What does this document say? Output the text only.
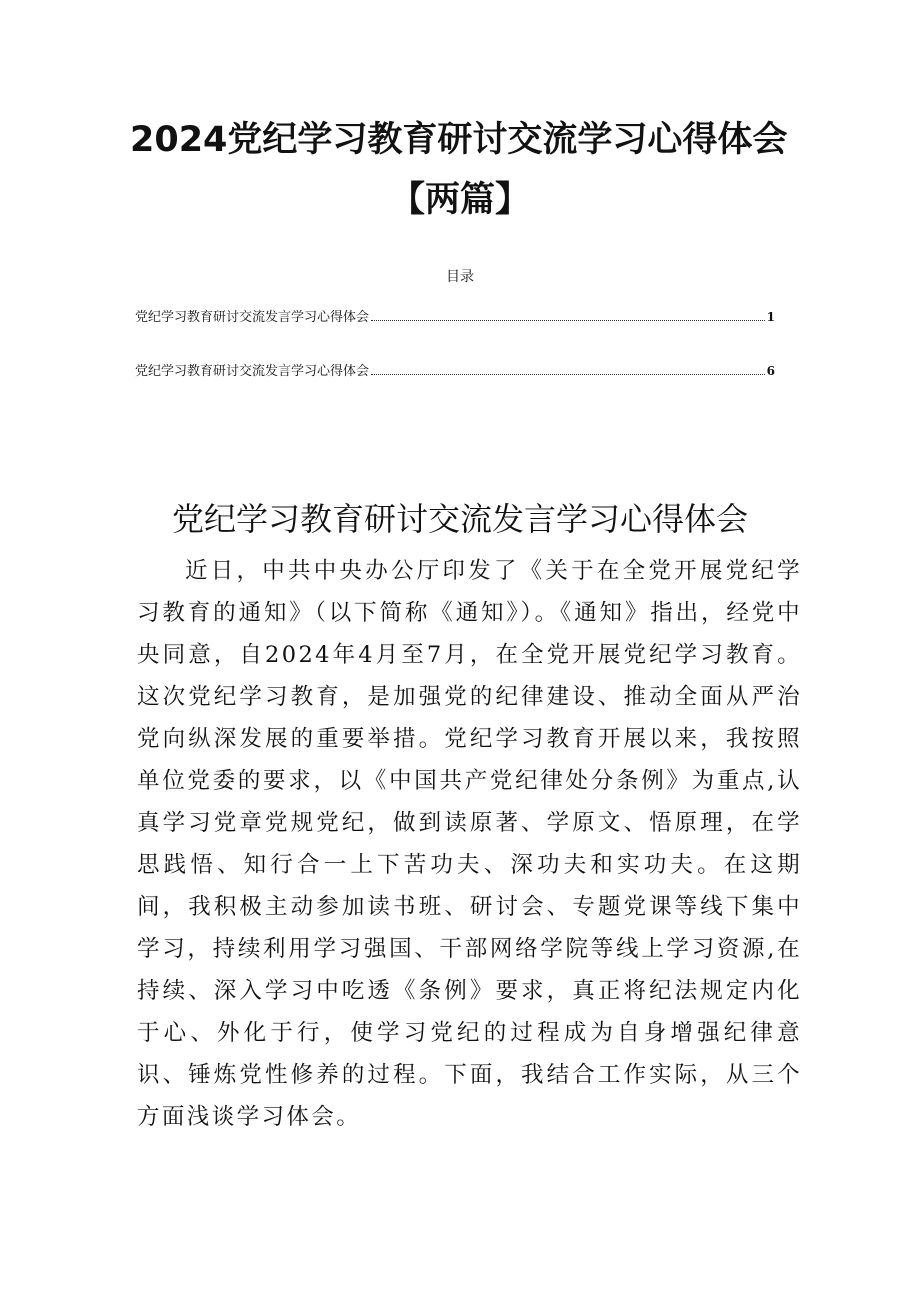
2024党纪学习教育研讨交流学习心得体会
【两篇】
目录
党纪学习教育研讨交流发言学习心得体会	1
党纪学习教育研讨交流发言学习心得体会	6
党纪学习教育研讨交流发言学习心得体会

近日，中共中央办公厅印发了《关于在全党开展党纪学习教育的通知》（以下简称《通知》）。《通知》指出，经党中央同意，自2024年4月至7月，在全党开展党纪学习教育。这次党纪学习教育，是加强党的纪律建设、推动全面从严治党向纵深发展的重要举措。党纪学习教育开展以来，我按照单位党委的要求，以《中国共产党纪律处分条例》为重点,认真学习党章党规党纪，做到读原著、学原文、悟原理，在学思践悟、知行合一上下苦功夫、深功夫和实功夫。在这期间，我积极主动参加读书班、研讨会、专题党课等线下集中学习，持续利用学习强国、干部网络学院等线上学习资源,在持续、深入学习中吃透《条例》要求，真正将纪法规定内化于心、外化于行，使学习党纪的过程成为自身增强纪律意识、锤炼党性修养的过程。下面，我结合工作实际，从三个方面浅谈学习体会。
